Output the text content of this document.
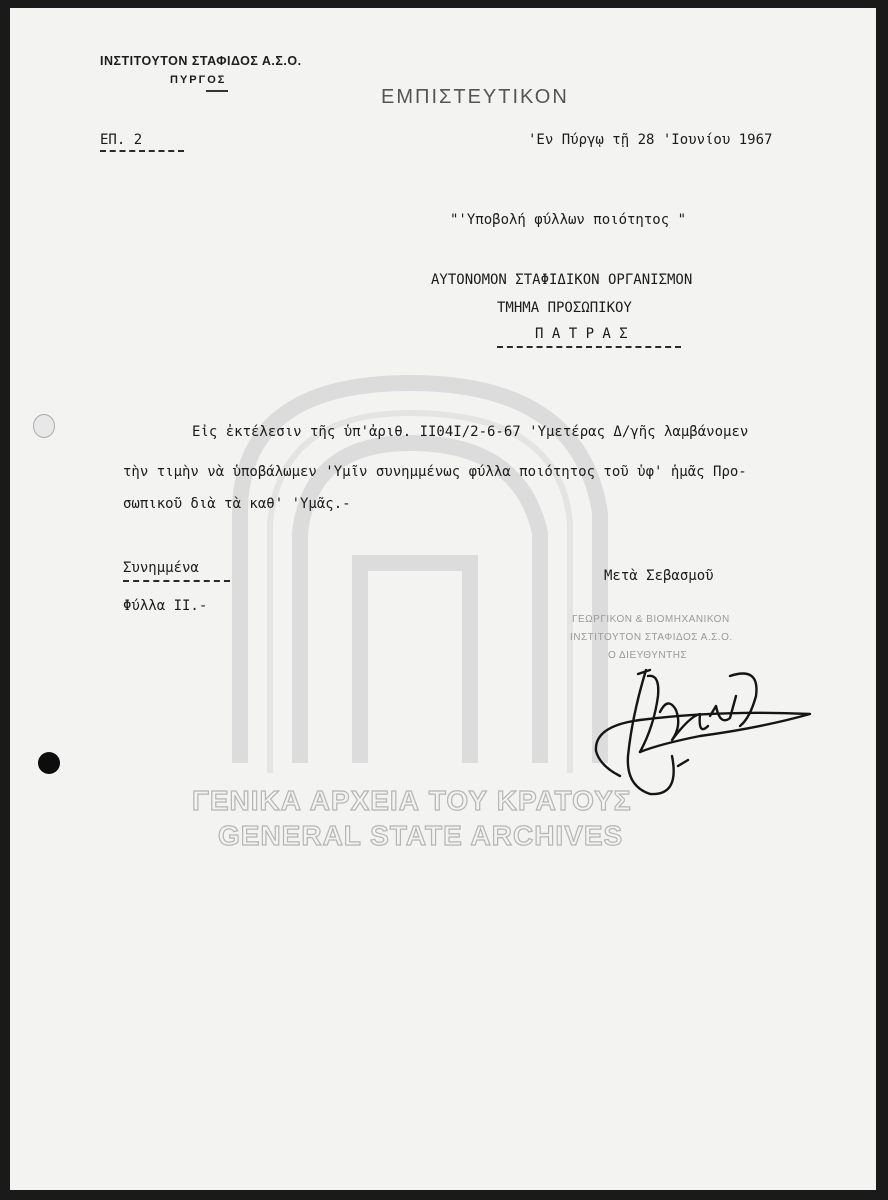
ΙΝΣΤΙΤΟΥΤΟΝ ΣΤΑΦΙΔΟΣ Α.Σ.Ο.
ΠΥΡΓΟΣ
ΕΜΠΙΣΤΕΥΤΙΚΟΝ
ΕΠ. 2	'Εν Πύργῳ τῇ 28 'Ιουνίου 1967
"'Υποβολή φύλλων ποιότητος "
ΑΥΤΟΝΟΜΟΝ ΣΤΑΦΙΔΙΚΟΝ ΟΡΓΑΝΙΣΜΟΝ
ΤΜΗΜΑ ΠΡΟΣΩΠΙΚΟΥ
Π Α Τ Ρ Α Σ
Εἰς ἐκτέλεσιν τῆς ὑπ'ἀριθ. ΙΙ04Ι/2-6-67 'Υμετέρας Δ/γῆς λαμβάνομεν
τὴν τιμὴν νὰ ὑποβάλωμεν 'Υμῖν συνημμένως φύλλα ποιότητος τοῦ ὑφ' ἡμᾶς Προ-
σωπικοῦ διὰ τὰ καθ' 'Υμᾶς.-
Συνημμένα
Φύλλα ΙΙ.-
Μετὰ Σεβασμοῦ
ΓΕΩΡΓΙΚΟΝ & ΒΙΟΜΗΧΑΝΙΚΟΝ
ΙΝΣΤΙΤΟΥΤΟΝ ΣΤΑΦΙΔΟΣ Α.Σ.Ο.
Ο ΔΙΕΥΘΥΝΤΗΣ
ΓΕΝΙΚΑ ΑΡΧΕΙΑ ΤΟΥ ΚΡΑΤΟΥΣ
GENERAL STATE ARCHIVES
